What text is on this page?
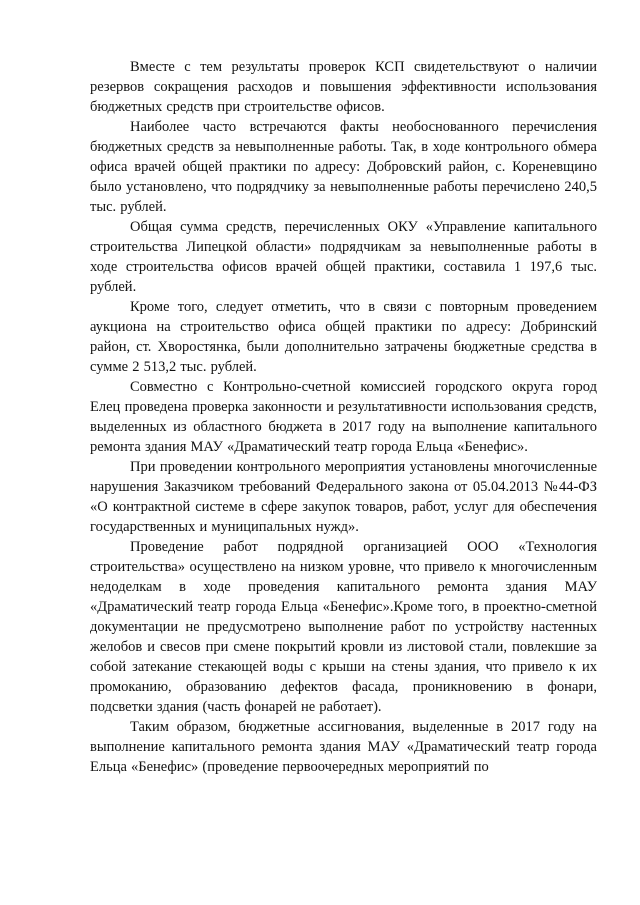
Вместе с тем результаты проверок КСП свидетельствуют о наличии резервов сокращения расходов и повышения эффективности использования бюджетных средств при строительстве офисов.

Наиболее часто встречаются факты необоснованного перечисления бюджетных средств за невыполненные работы. Так, в ходе контрольного обмера офиса врачей общей практики по адресу: Добровский район, с. Кореневщино было установлено, что подрядчику за невыполненные работы перечислено 240,5 тыс. рублей.

Общая сумма средств, перечисленных ОКУ «Управление капитального строительства Липецкой области» подрядчикам за невыполненные работы в ходе строительства офисов врачей общей практики, составила 1 197,6 тыс. рублей.

Кроме того, следует отметить, что в связи с повторным проведением аукциона на строительство офиса общей практики по адресу: Добринский район, ст. Хворостянка, были дополнительно затрачены бюджетные средства в сумме 2 513,2 тыс. рублей.

Совместно с Контрольно-счетной комиссией городского округа город Елец проведена проверка законности и результативности использования средств, выделенных из областного бюджета в 2017 году на выполнение капитального ремонта здания МАУ «Драматический театр города Ельца «Бенефис».

При проведении контрольного мероприятия установлены многочисленные нарушения Заказчиком требований Федерального закона от 05.04.2013 №44-ФЗ «О контрактной системе в сфере закупок товаров, работ, услуг для обеспечения государственных и муниципальных нужд».

Проведение работ подрядной организацией ООО «Технология строительства» осуществлено на низком уровне, что привело к многочисленным недоделкам в ходе проведения капитального ремонта здания МАУ «Драматический театр города Ельца «Бенефис».Кроме того, в проектно-сметной документации не предусмотрено выполнение работ по устройству настенных желобов и свесов при смене покрытий кровли из листовой стали, повлекшие за собой затекание стекающей воды с крыши на стены здания, что привело к их промоканию, образованию дефектов фасада, проникновению в фонари, подсветки здания (часть фонарей не работает).

Таким образом, бюджетные ассигнования, выделенные в 2017 году на выполнение капитального ремонта здания МАУ «Драматический театр города Ельца «Бенефис» (проведение первоочередных мероприятий по
